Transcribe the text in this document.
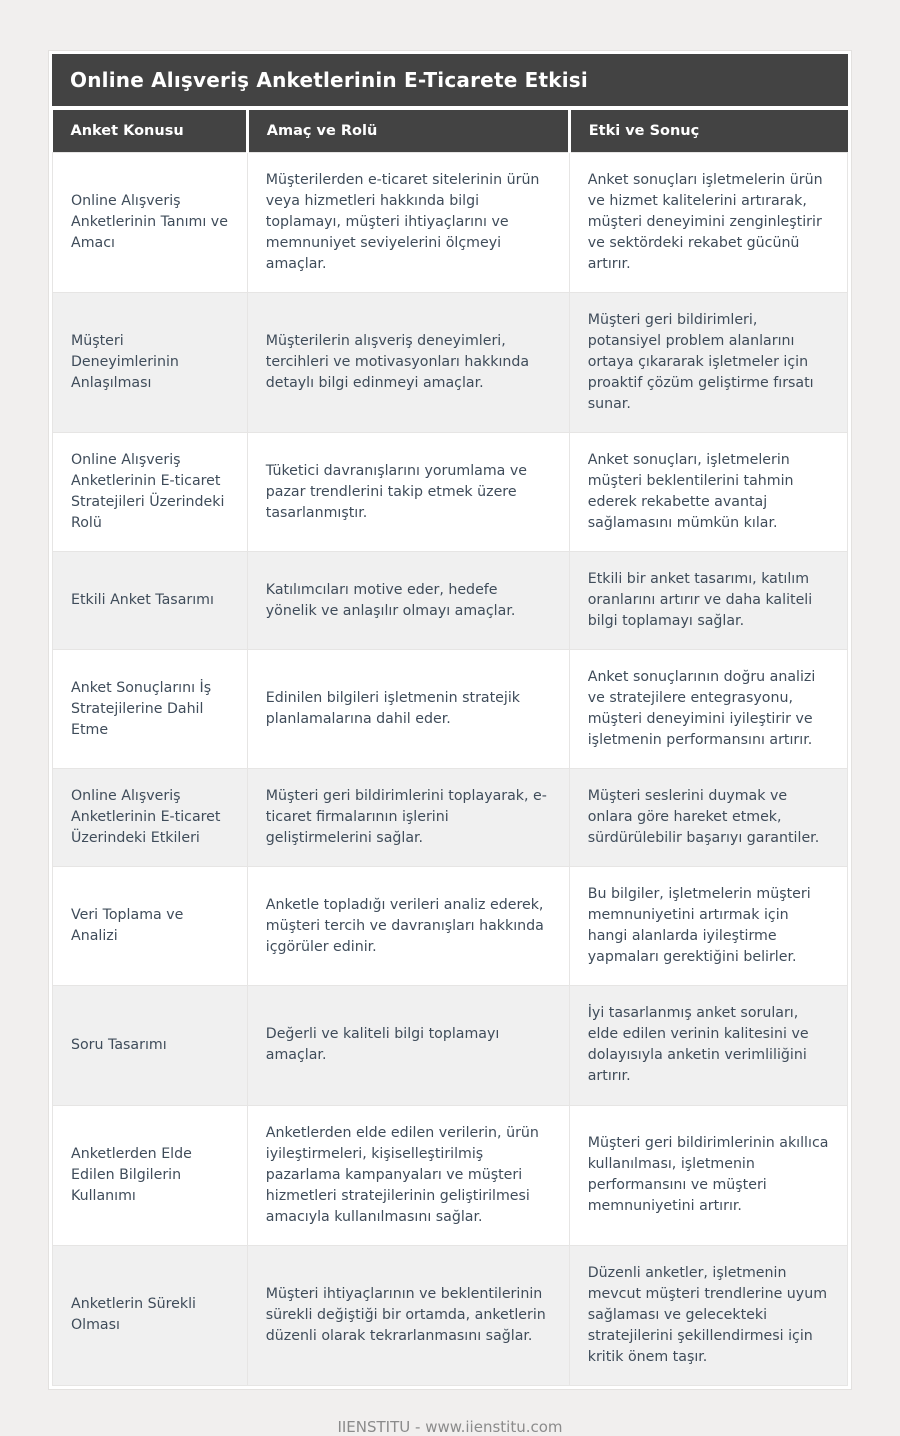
Online Alışveriş Anketlerinin E-Ticarete Etkisi
Anket Konusu	Amaç ve Rolü	Etki ve Sonuç
Online Alışveriş Anketlerinin Tanımı ve Amacı	Müşterilerden e-ticaret sitelerinin ürün veya hizmetleri hakkında bilgi toplamayı, müşteri ihtiyaçlarını ve memnuniyet seviyelerini ölçmeyi amaçlar.	Anket sonuçları işletmelerin ürün ve hizmet kalitelerini artırarak, müşteri deneyimini zenginleştirir ve sektördeki rekabet gücünü artırır.
Müşteri Deneyimlerinin Anlaşılması	Müşterilerin alışveriş deneyimleri, tercihleri ve motivasyonları hakkında detaylı bilgi edinmeyi amaçlar.	Müşteri geri bildirimleri, potansiyel problem alanlarını ortaya çıkararak işletmeler için proaktif çözüm geliştirme fırsatı sunar.
Online Alışveriş Anketlerinin E-ticaret Stratejileri Üzerindeki Rolü	Tüketici davranışlarını yorumlama ve pazar trendlerini takip etmek üzere tasarlanmıştır.	Anket sonuçları, işletmelerin müşteri beklentilerini tahmin ederek rekabette avantaj sağlamasını mümkün kılar.
Etkili Anket Tasarımı	Katılımcıları motive eder, hedefe yönelik ve anlaşılır olmayı amaçlar.	Etkili bir anket tasarımı, katılım oranlarını artırır ve daha kaliteli bilgi toplamayı sağlar.
Anket Sonuçlarını İş Stratejilerine Dahil Etme	Edinilen bilgileri işletmenin stratejik planlamalarına dahil eder.	Anket sonuçlarının doğru analizi ve stratejilere entegrasyonu, müşteri deneyimini iyileştirir ve işletmenin performansını artırır.
Online Alışveriş Anketlerinin E-ticaret Üzerindeki Etkileri	Müşteri geri bildirimlerini toplayarak, e-ticaret firmalarının işlerini geliştirmelerini sağlar.	Müşteri seslerini duymak ve onlara göre hareket etmek, sürdürülebilir başarıyı garantiler.
Veri Toplama ve Analizi	Anketle topladığı verileri analiz ederek, müşteri tercih ve davranışları hakkında içgörüler edinir.	Bu bilgiler, işletmelerin müşteri memnuniyetini artırmak için hangi alanlarda iyileştirme yapmaları gerektiğini belirler.
Soru Tasarımı	Değerli ve kaliteli bilgi toplamayı amaçlar.	İyi tasarlanmış anket soruları, elde edilen verinin kalitesini ve dolayısıyla anketin verimliliğini artırır.
Anketlerden Elde Edilen Bilgilerin Kullanımı	Anketlerden elde edilen verilerin, ürün iyileştirmeleri, kişiselleştirilmiş pazarlama kampanyaları ve müşteri hizmetleri stratejilerinin geliştirilmesi amacıyla kullanılmasını sağlar.	Müşteri geri bildirimlerinin akıllıca kullanılması, işletmenin performansını ve müşteri memnuniyetini artırır.
Anketlerin Sürekli Olması	Müşteri ihtiyaçlarının ve beklentilerinin sürekli değiştiği bir ortamda, anketlerin düzenli olarak tekrarlanmasını sağlar.	Düzenli anketler, işletmenin mevcut müşteri trendlerine uyum sağlaması ve gelecekteki stratejilerini şekillendirmesi için kritik önem taşır.
IIENSTITU - www.iienstitu.com
